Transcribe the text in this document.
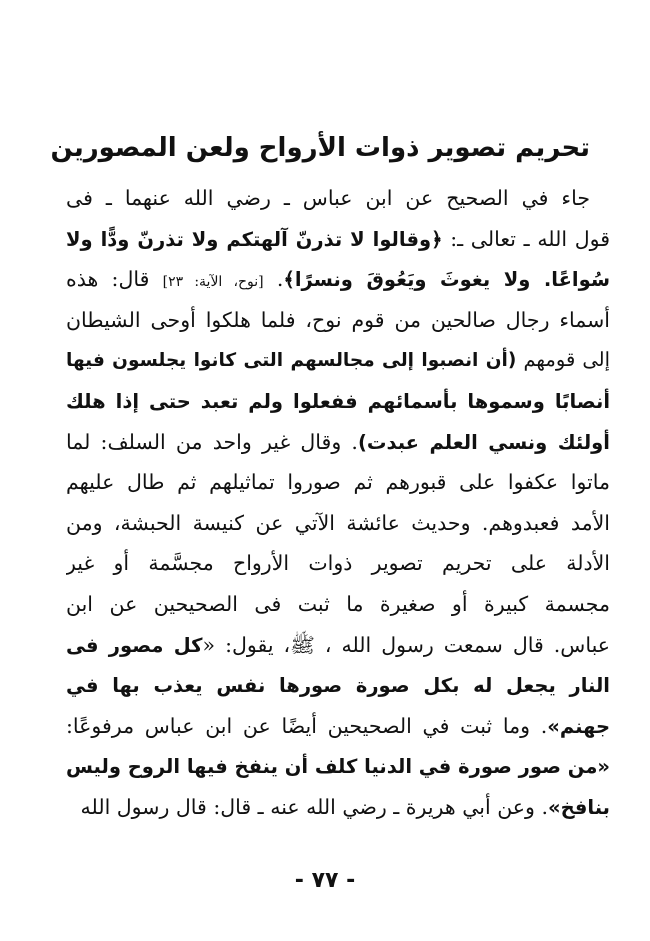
تحريم تصوير ذوات الأرواح ولعن المصورين
جاء في الصحيح عن ابن عباس ـ رضي الله عنهما ـ فى
قول الله ـ تعالى ـ: ﴿وقالوا لا تذرنّ آلهتكم ولا تذرنّ ودًّا ولا
سُواعًا. ولا يغوثَ ويَعُوقَ ونسرًا﴾. [نوح، الآية: ٢٣] قال: هذه
أسماء رجال صالحين من قوم نوح، فلما هلكوا أوحى الشيطان
إلى قومهم (أن انصبوا إلى مجالسهم التى كانوا يجلسون فيها
أنصابًا وسموها بأسمائهم ففعلوا ولم تعبد حتى إذا هلك
أولئك ونسي العلم عبدت). وقال غير واحد من السلف: لما
ماتوا عكفوا على قبورهم ثم صوروا تماثيلهم ثم طال عليهم
الأمد فعبدوهم. وحديث عائشة الآتي عن كنيسة الحبشة، ومن
الأدلة على تحريم تصوير ذوات الأرواح مجسَّمة أو غير
مجسمة كبيرة أو صغيرة ما ثبت فى الصحيحين عن ابن
عباس. قال سمعت رسول الله ، ﷺ، يقول: «كل مصور فى
النار يجعل له بكل صورة صورها نفس يعذب بها في
جهنم». وما ثبت في الصحيحين أيضًا عن ابن عباس مرفوعًا:
«من صور صورة في الدنيا كلف أن ينفخ فيها الروح وليس
بنافخ». وعن أبي هريرة ـ رضي الله عنه ـ قال: قال رسول الله
- ٧٧ -
